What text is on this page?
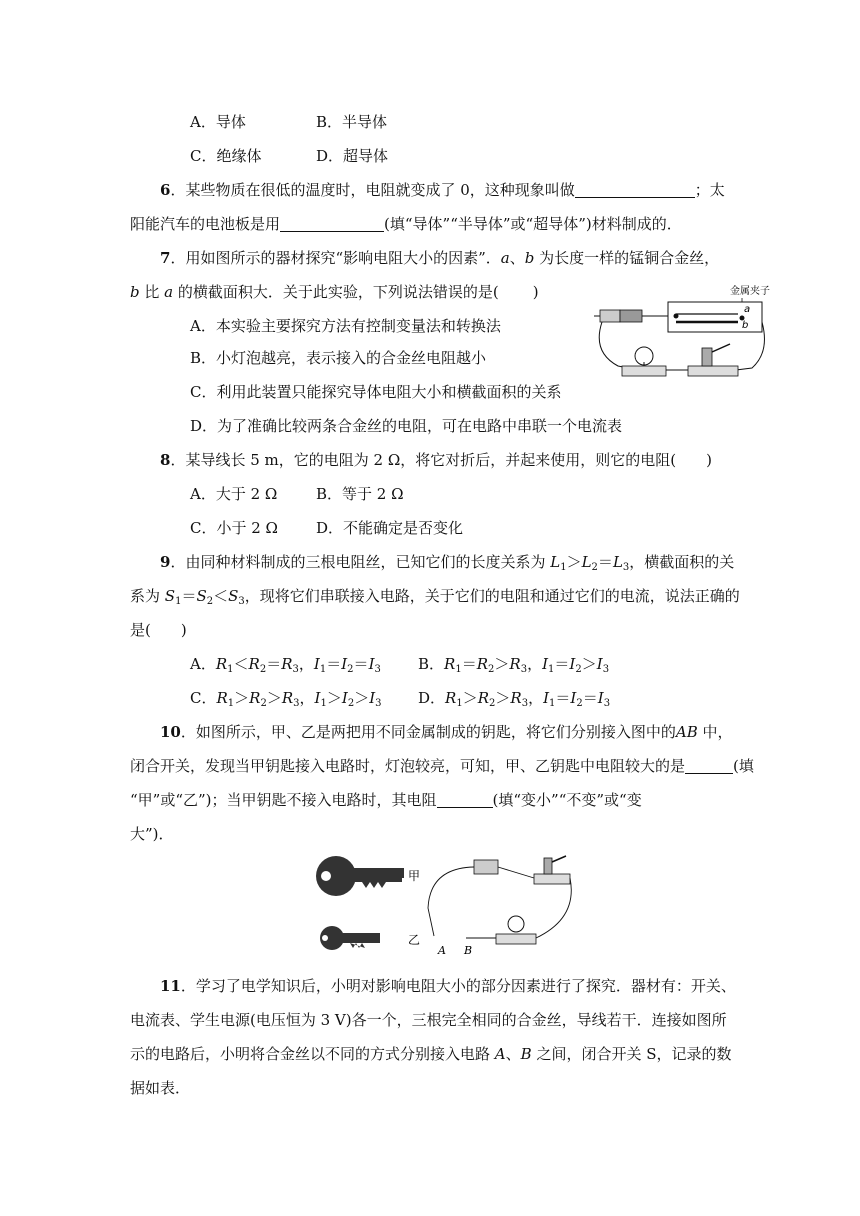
A．导体	B．半导体
C．绝缘体	D．超导体
6．某些物质在很低的温度时，电阻就变成了 0，这种现象叫做	；太
阳能汽车的电池板是用	(填“导体”“半导体”或“超导体”)材料制成的．
7．用如图所示的器材探究“影响电阻大小的因素”．a、b 为长度一样的锰铜合金丝，
b 比 a 的横截面积大．关于此实验，下列说法错误的是( )
A．本实验主要探究方法有控制变量法和转换法
B．小灯泡越亮，表示接入的合金丝电阻越小
C．利用此装置只能探究导体电阻大小和横截面积的关系
D．为了准确比较两条合金丝的电阻，可在电路中串联一个电流表
金属夹子
a
b
8．某导线长 5 m，它的电阻为 2 Ω，将它对折后，并起来使用，则它的电阻( )
A．大于 2 Ω	B．等于 2 Ω
C．小于 2 Ω	D．不能确定是否变化
9．由同种材料制成的三根电阻丝，已知它们的长度关系为 $L_1>L_2=L_3$，横截面积的关
系为 $S_1=S_2<S_3$，现将它们串联接入电路，关于它们的电阻和通过它们的电流，说法正确的
是( )
A．$R_1<R_2=R_3$，$I_1=I_2=I_3$ B．$R_1=R_2>R_3$，$I_1=I_2>I_3$
C．$R_1>R_2>R_3$，$I_1>I_2>I_3$ D．$R_1>R_2>R_3$，$I_1=I_2=I_3$
10．如图所示，甲、乙是两把用不同金属制成的钥匙，将它们分别接入图中的AB 中，
闭合开关，发现当甲钥匙接入电路时，灯泡较亮，可知，甲、乙钥匙中电阻较大的是	(填
“甲”或“乙”)；当甲钥匙不接入电路时，其电阻	(填“变小”“不变”或“变
大”)．
甲
乙
A B
11．学习了电学知识后，小明对影响电阻大小的部分因素进行了探究．器材有：开关、
电流表、学生电源(电压恒为 3 V)各一个，三根完全相同的合金丝，导线若干．连接如图所
示的电路后，小明将合金丝以不同的方式分别接入电路 A、B 之间，闭合开关 S，记录的数
据如表．
